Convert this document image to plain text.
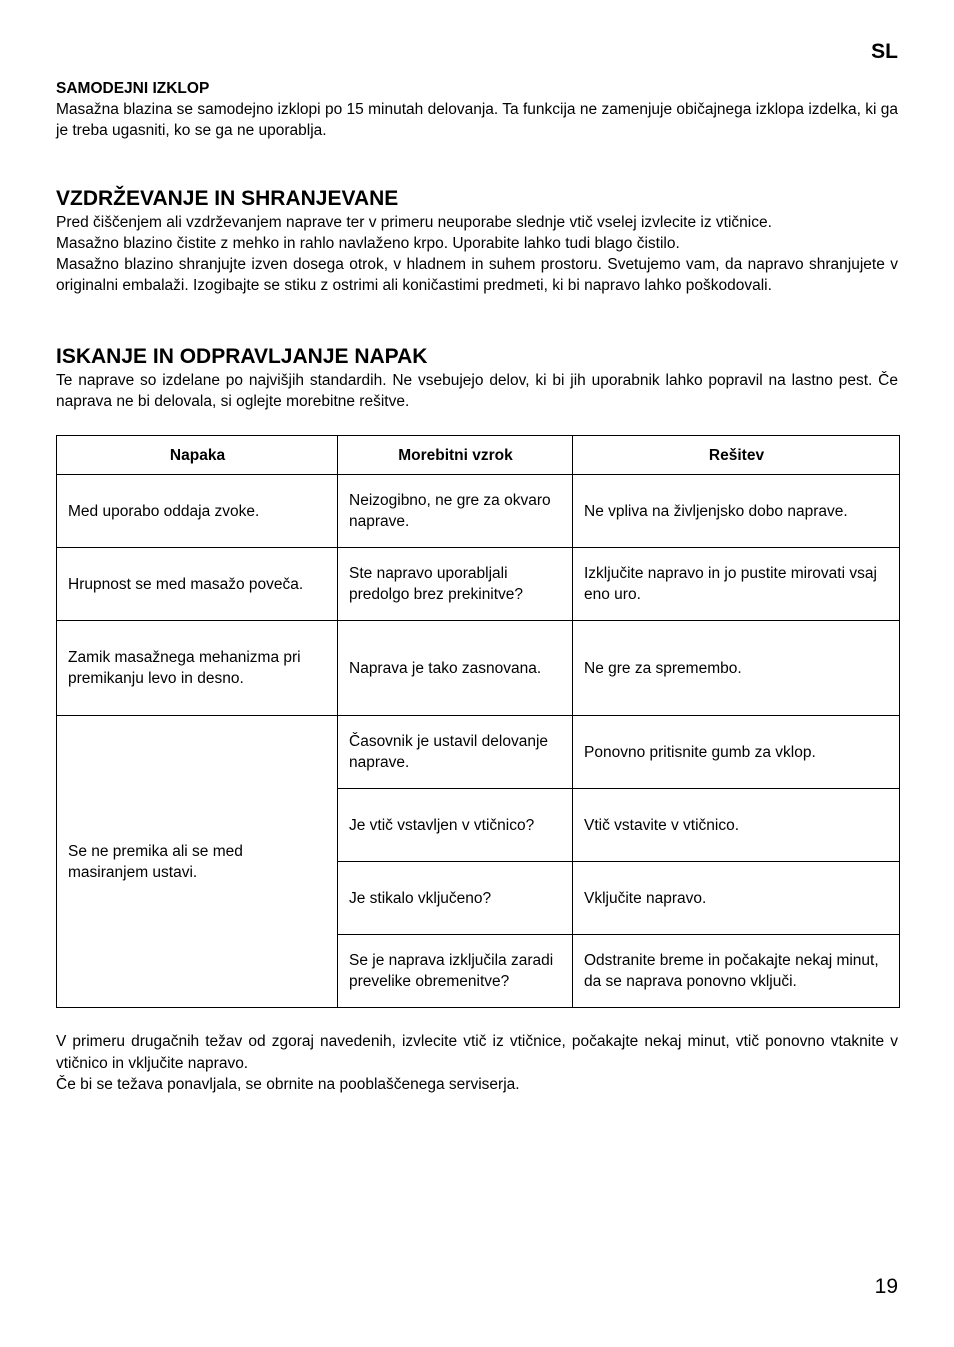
SL
SAMODEJNI IZKLOP

Masažna blazina se samodejno izklopi po 15 minutah delovanja. Ta funkcija ne zamenjuje običajnega izklopa izdelka, ki ga je treba ugasniti, ko se ga ne uporablja.

VZDRŽEVANJE IN SHRANJEVANE

Pred čiščenjem ali vzdrževanjem naprave ter v primeru neuporabe slednje vtič vselej izvlecite iz vtičnice.

Masažno blazino čistite z mehko in rahlo navlaženo krpo. Uporabite lahko tudi blago čistilo.

Masažno blazino shranjujte izven dosega otrok, v hladnem in suhem prostoru. Svetujemo vam, da napravo shranjujete v originalni embalaži. Izogibajte se stiku z ostrimi ali koničastimi predmeti, ki bi napravo lahko poškodovali.

ISKANJE IN ODPRAVLJANJE NAPAK

Te naprave so izdelane po najvišjih standardih. Ne vsebujejo delov, ki bi jih uporabnik lahko popravil na lastno pest. Če naprava ne bi delovala, si oglejte morebitne rešitve.

Napaka	Morebitni vzrok	Rešitev
Med uporabo oddaja zvoke.	Neizogibno, ne gre za okvaro naprave.	Ne vpliva na življenjsko dobo naprave.
Hrupnost se med masažo poveča.	Ste napravo uporabljali predolgo brez prekinitve?	Izključite napravo in jo pustite mirovati vsaj eno uro.
Zamik masažnega mehanizma pri premikanju levo in desno.	Naprava je tako zasnovana.	Ne gre za spremembo.
Se ne premika ali se med masiranjem ustavi.	Časovnik je ustavil delovanje naprave.	Ponovno pritisnite gumb za vklop.
	Je vtič vstavljen v vtičnico?	Vtič vstavite v vtičnico.
	Je stikalo vključeno?	Vključite napravo.
	Se je naprava izključila zaradi prevelike obremenitve?	Odstranite breme in počakajte nekaj minut, da se naprava ponovno vključi.

V primeru drugačnih težav od zgoraj navedenih, izvlecite vtič iz vtičnice, počakajte nekaj minut, vtič ponovno vtaknite v vtičnico in vključite napravo.

Če bi se težava ponavljala, se obrnite na pooblaščenega serviserja.

19
